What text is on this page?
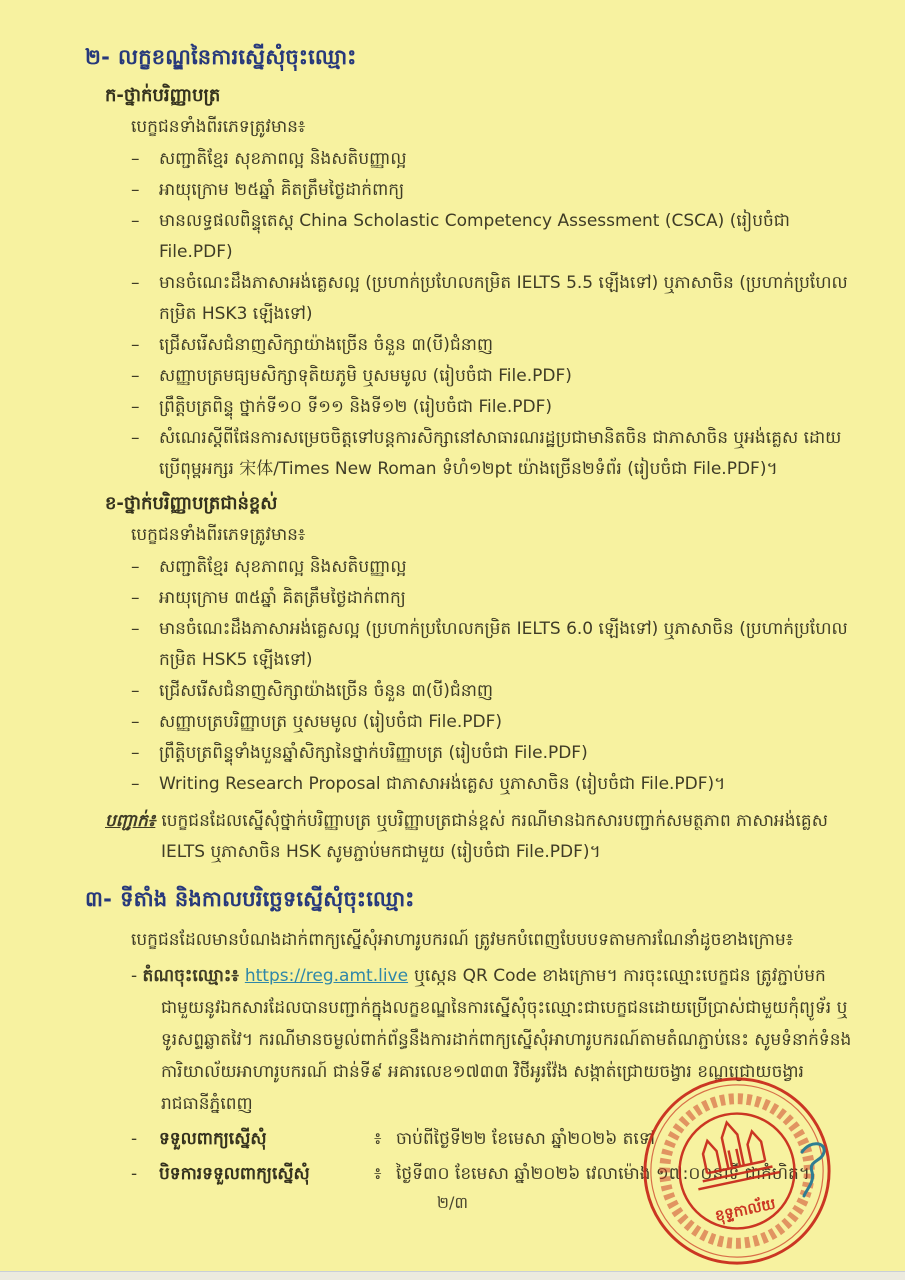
២- លក្ខខណ្ឌនៃការស្នើសុំចុះឈ្មោះ
ក-ថ្នាក់បរិញ្ញាបត្រ

បេក្ខជនទាំងពីរភេទត្រូវមាន៖

–	សញ្ជាតិខ្មែរ សុខភាពល្អ និងសតិបញ្ញាល្អ
–	អាយុក្រោម ២៥ឆ្នាំ គិតត្រឹមថ្ងៃដាក់ពាក្យ
–	មានលទ្ធផលពិន្ទុតេស្ត China Scholastic Competency Assessment (CSCA) (រៀបចំជា File.PDF)
–	មានចំណេះដឹងភាសាអង់គ្លេសល្អ (ប្រហាក់ប្រហែលកម្រិត IELTS 5.5 ឡើងទៅ) ឬភាសាចិន (ប្រហាក់ប្រហែលកម្រិត HSK3 ឡើងទៅ)
–	ជ្រើសរើសជំនាញសិក្សាយ៉ាងច្រើន ចំនួន ៣(បី)ជំនាញ
–	សញ្ញាបត្រមធ្យមសិក្សាទុតិយភូមិ ឬសមមូល (រៀបចំជា File.PDF)
–	ព្រឹត្តិបត្រពិន្ទុ ថ្នាក់ទី១០ ទី១១ និងទី១២ (រៀបចំជា File.PDF)
–	សំណេរស្តីពីផែនការសម្រេចចិត្តទៅបន្តការសិក្សានៅសាធារណរដ្ឋប្រជាមានិតចិន ជាភាសាចិន ឬអង់គ្លេស ដោយប្រើពុម្ពអក្សរ 宋体/Times New Roman ទំហំ១២pt យ៉ាងច្រើន២ទំព័រ (រៀបចំជា File.PDF)។
ខ-ថ្នាក់បរិញ្ញាបត្រជាន់ខ្ពស់

បេក្ខជនទាំងពីរភេទត្រូវមាន៖

–	សញ្ជាតិខ្មែរ សុខភាពល្អ និងសតិបញ្ញាល្អ
–	អាយុក្រោម ៣៥ឆ្នាំ គិតត្រឹមថ្ងៃដាក់ពាក្យ
–	មានចំណេះដឹងភាសាអង់គ្លេសល្អ (ប្រហាក់ប្រហែលកម្រិត IELTS 6.0 ឡើងទៅ) ឬភាសាចិន (ប្រហាក់ប្រហែលកម្រិត HSK5 ឡើងទៅ)
–	ជ្រើសរើសជំនាញសិក្សាយ៉ាងច្រើន ចំនួន ៣(បី)ជំនាញ
–	សញ្ញាបត្របរិញ្ញាបត្រ ឬសមមូល (រៀបចំជា File.PDF)
–	ព្រឹត្តិបត្រពិន្ទុទាំងបួនឆ្នាំសិក្សានៃថ្នាក់បរិញ្ញាបត្រ (រៀបចំជា File.PDF)
–	Writing Research Proposal ជាភាសាអង់គ្លេស ឬភាសាចិន (រៀបចំជា File.PDF)។

បញ្ជាក់៖ បេក្ខជនដែលស្នើសុំថ្នាក់បរិញ្ញាបត្រ ឬបរិញ្ញាបត្រជាន់ខ្ពស់ ករណីមានឯកសារបញ្ជាក់សមត្ថភាព ភាសាអង់គ្លេស IELTS ឬភាសាចិន HSK សូមភ្ជាប់មកជាមួយ (រៀបចំជា File.PDF)។

៣- ទីតាំង និងកាលបរិច្ឆេទស្នើសុំចុះឈ្មោះ

បេក្ខជនដែលមានបំណងដាក់ពាក្យស្នើសុំអាហារូបករណ៍ ត្រូវមកបំពេញបែបបទតាមការណែនាំដូចខាងក្រោម៖

- តំណចុះឈ្មោះ៖ https://reg.amt.live ឬស្កេន QR Code ខាងក្រោម។ ការចុះឈ្មោះបេក្ខជន ត្រូវភ្ជាប់មកជាមួយនូវឯកសារដែលបានបញ្ជាក់ក្នុងលក្ខខណ្ឌនៃការស្នើសុំចុះឈ្មោះជាបេក្ខជនដោយប្រើប្រាស់ជាមួយកុំព្យូទ័រ ឬទូរសព្ទឆ្លាតវៃ។ ករណីមានចម្ងល់ពាក់ព័ន្ធនឹងការដាក់ពាក្យស្នើសុំអាហារូបករណ៍តាមតំណភ្ជាប់នេះ សូមទំនាក់ទំនងការិយាល័យអាហារូបករណ៍ ជាន់ទី៩ អគារលេខ១៧៣៣ វិថីអូរវ៉ែង សង្កាត់ជ្រោយចង្វារ ខណ្ឌជ្រោយចង្វារ រាជធានីភ្នំពេញ

-	ទទួលពាក្យស្នើសុំ	៖ ចាប់ពីថ្ងៃទី២២ ខែមេសា ឆ្នាំ២០២៦ តទៅ
-	បិទការទទួលពាក្យស្នើសុំ	៖ ថ្ងៃទី៣០ ខែមេសា ឆ្នាំ២០២៦ វេលាម៉ោង ១៧:០០នាទី ជាកំហិត។
ខុទ្ទកាល័យ
២/៣
